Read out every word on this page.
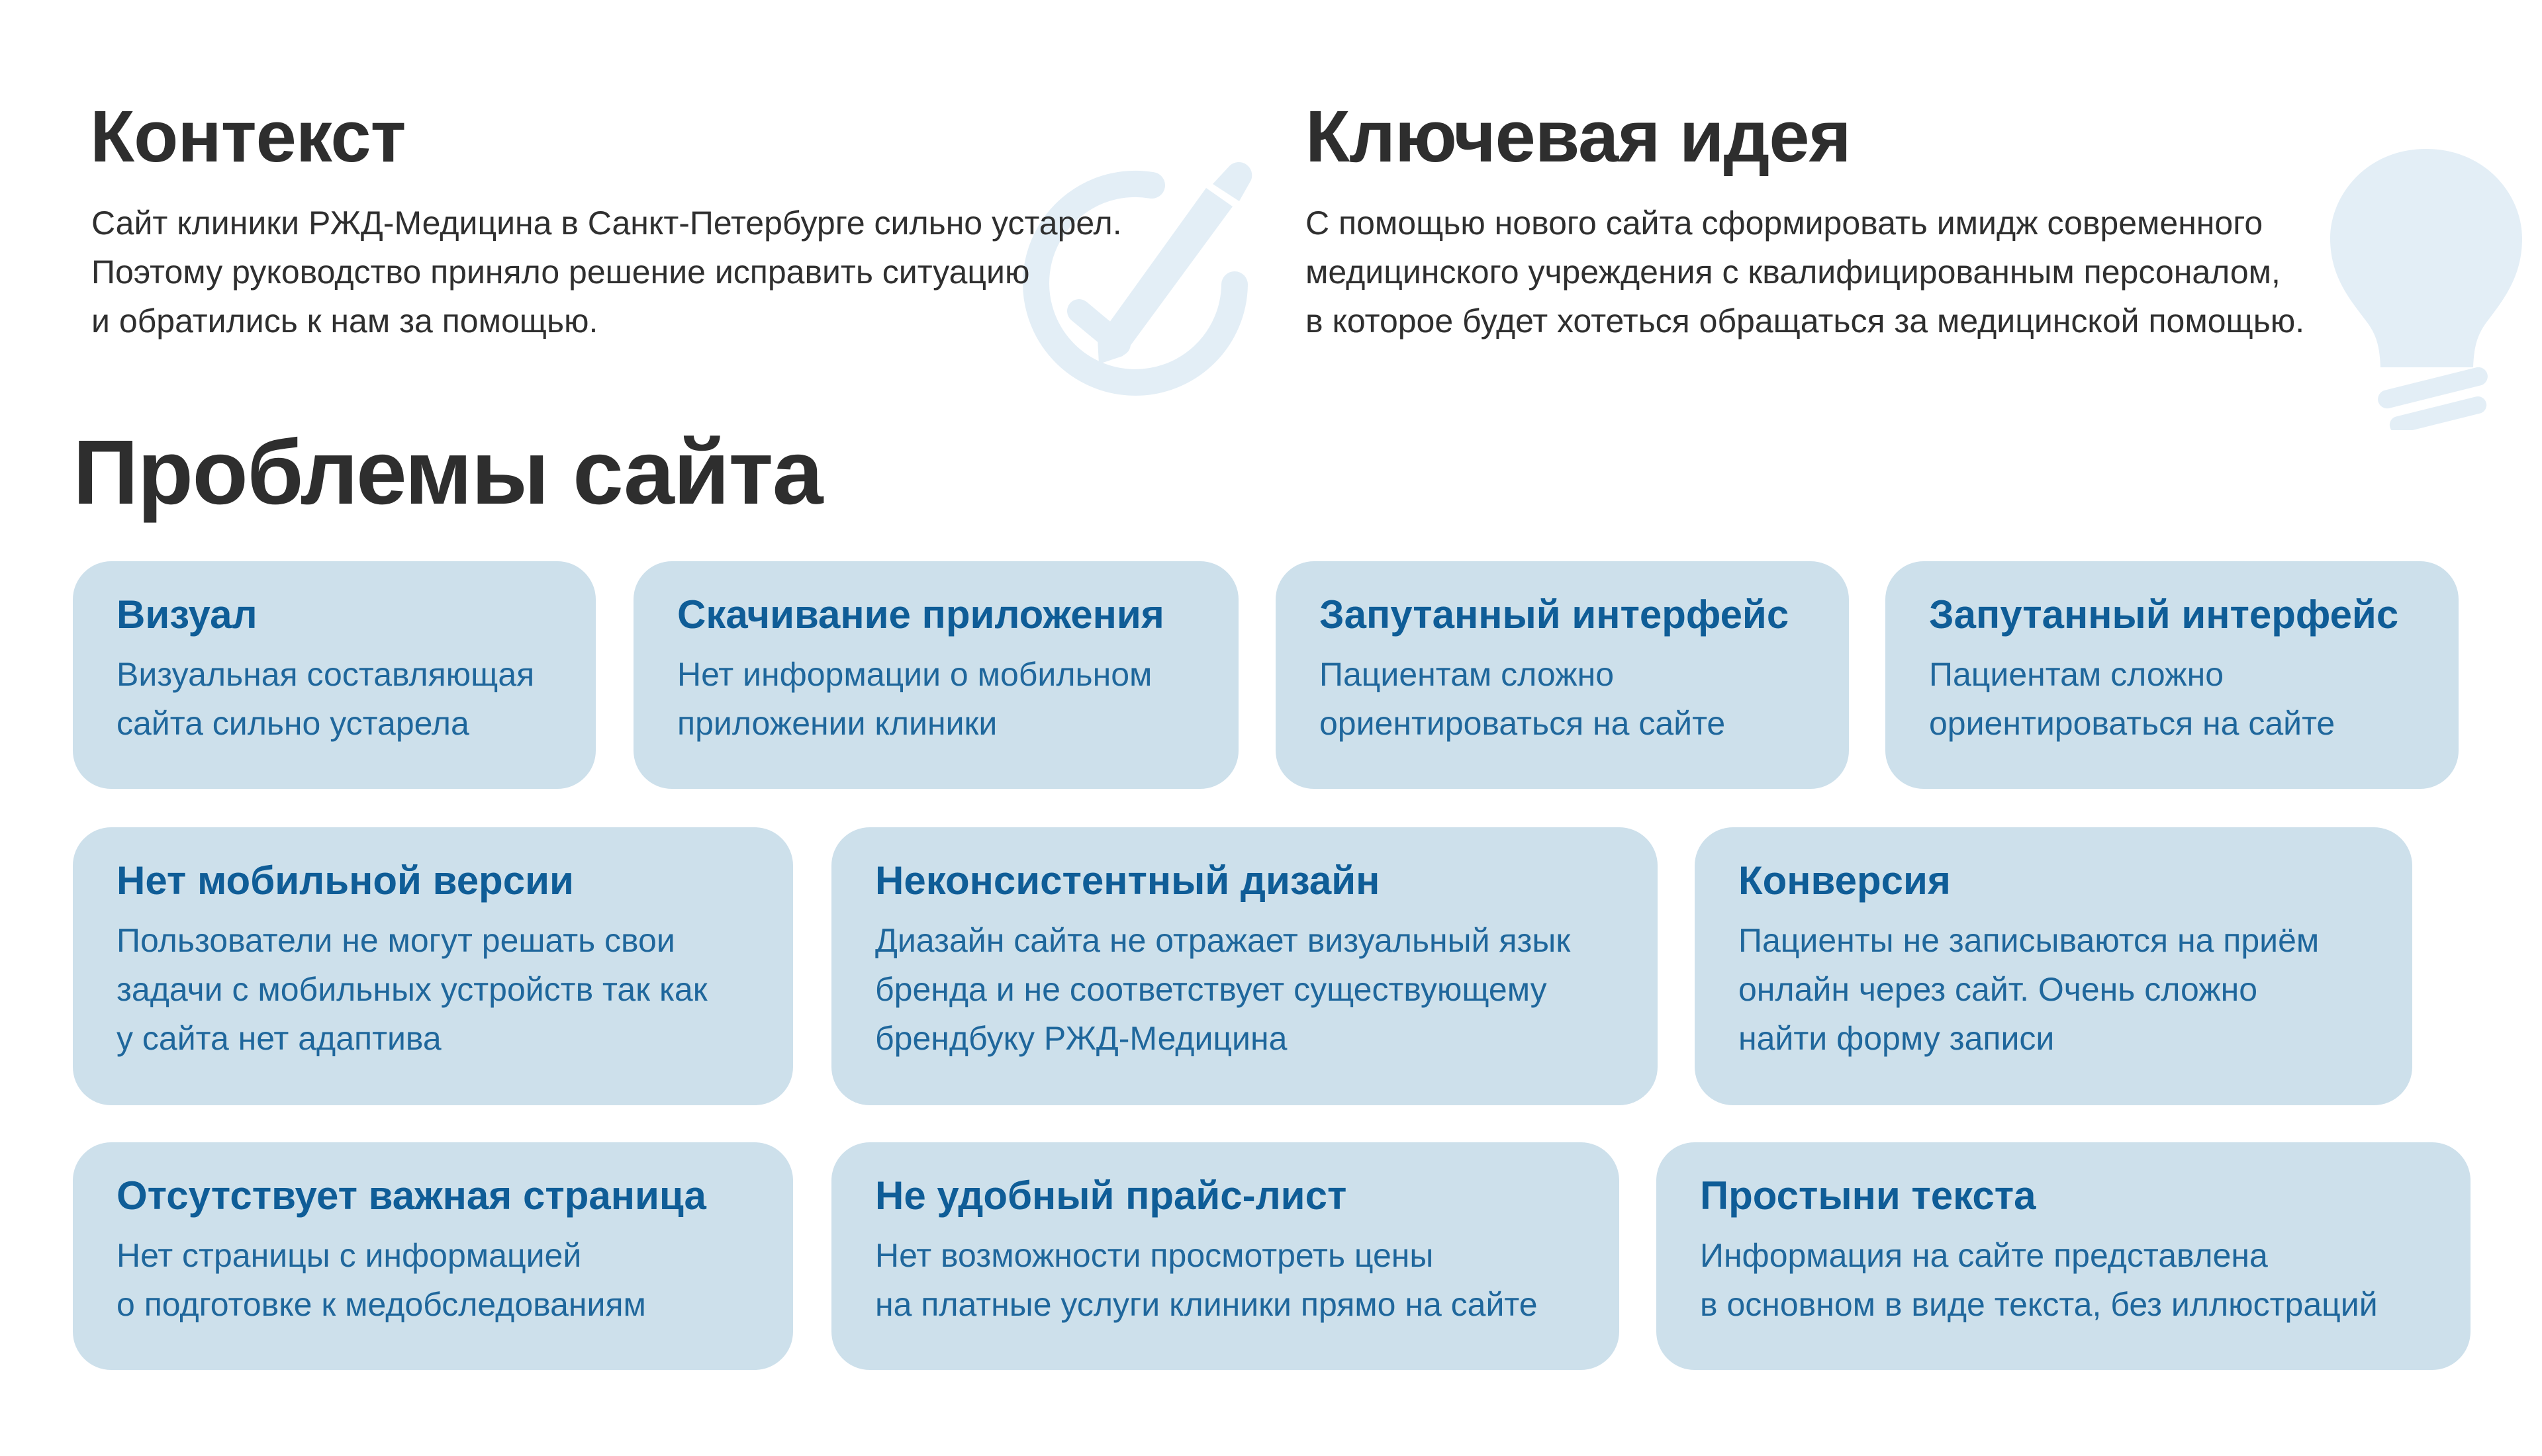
Контекст
Сайт клиники РЖД-Медицина в Санкт-Петербурге сильно устарел.
Поэтому руководство приняло решение исправить ситуацию
и обратились к нам за помощью.
Ключевая идея
С помощью нового сайта сформировать имидж современного
медицинского учреждения с квалифицированным персоналом,
в которое будет хотеться обращаться за медицинской помощью.
Проблемы сайта
Визуал
Визуальная составляющая
сайта сильно устарела
Скачивание приложения
Нет информации о мобильном
приложении клиники
Запутанный интерфейс
Пациентам сложно
ориентироваться на сайте
Запутанный интерфейс
Пациентам сложно
ориентироваться на сайте
Нет мобильной версии
Пользователи не могут решать свои
задачи с мобильных устройств так как
у сайта нет адаптива
Неконсистентный дизайн
Диазайн сайта не отражает визуальный язык
бренда и не соответствует существующему
брендбуку РЖД-Медицина
Конверсия
Пациенты не записываются на приём
онлайн через сайт. Очень сложно
найти форму записи
Отсутствует важная страница
Нет страницы с информацией
о подготовке к медобследованиям
Не удобный прайс-лист
Нет возможности просмотреть цены
на платные услуги клиники прямо на сайте
Простыни текста
Информация на сайте представлена
в основном в виде текста, без иллюстраций
